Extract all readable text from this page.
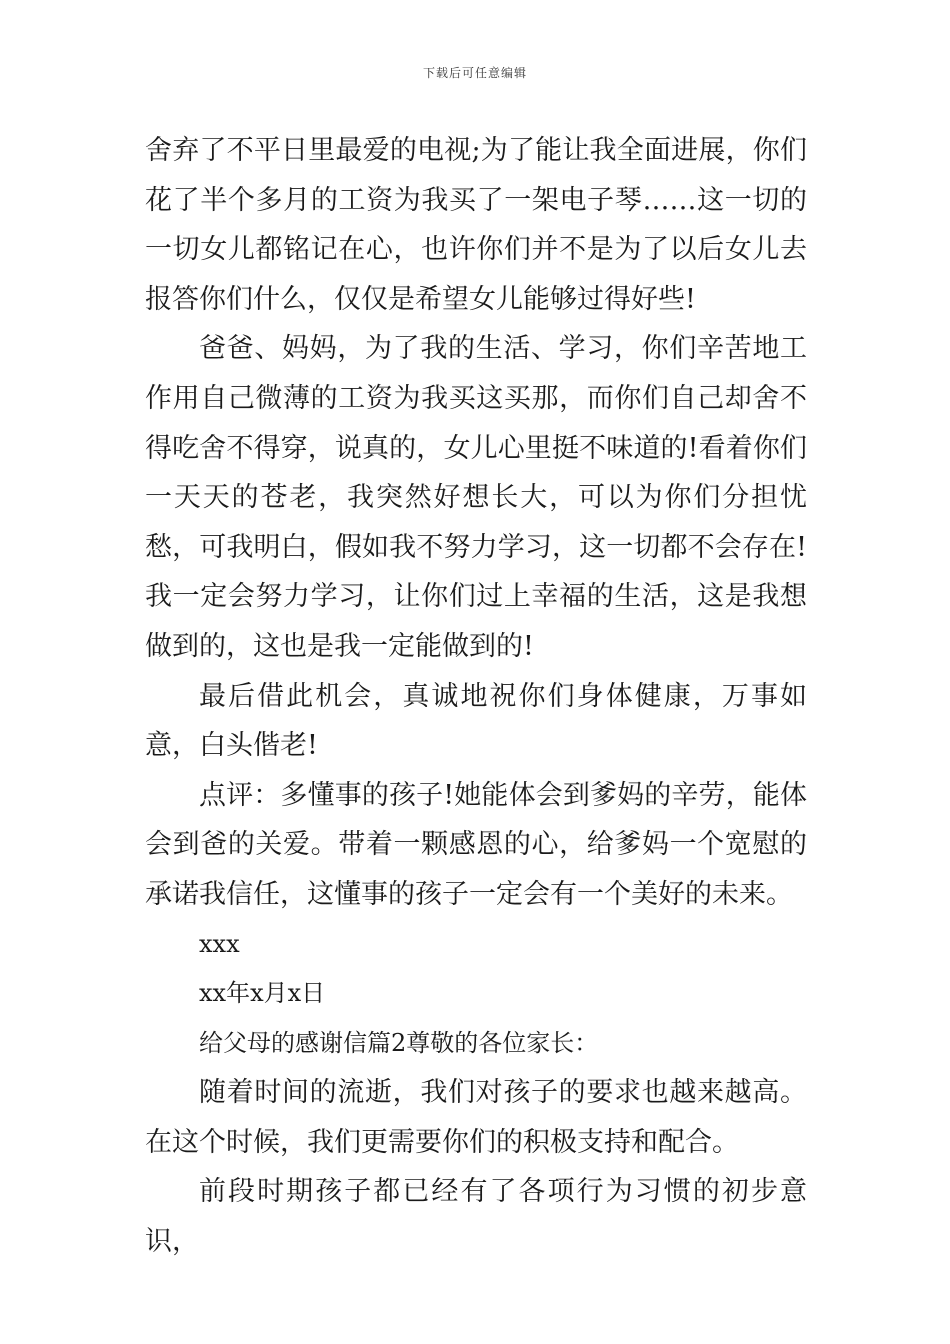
下载后可任意编辑

舍弃了不平日里最爱的电视;为了能让我全面进展，你们花了半个多月的工资为我买了一架电子琴……这一切的一切女儿都铭记在心，也许你们并不是为了以后女儿去报答你们什么，仅仅是希望女儿能够过得好些!

爸爸、妈妈，为了我的生活、学习，你们辛苦地工作用自己微薄的工资为我买这买那，而你们自己却舍不得吃舍不得穿，说真的，女儿心里挺不味道的!看着你们一天天的苍老，我突然好想长大，可以为你们分担忧愁，可我明白，假如我不努力学习，这一切都不会存在!我一定会努力学习，让你们过上幸福的生活，这是我想做到的，这也是我一定能做到的!

最后借此机会，真诚地祝你们身体健康，万事如意，白头偕老!

点评：多懂事的孩子!她能体会到爹妈的辛劳，能体会到爸的关爱。带着一颗感恩的心，给爹妈一个宽慰的承诺我信任，这懂事的孩子一定会有一个美好的未来。

xxx

xx年x月x日

给父母的感谢信篇2尊敬的各位家长：

随着时间的流逝，我们对孩子的要求也越来越高。在这个时候，我们更需要你们的积极支持和配合。

前段时期孩子都已经有了各项行为习惯的初步意识，
